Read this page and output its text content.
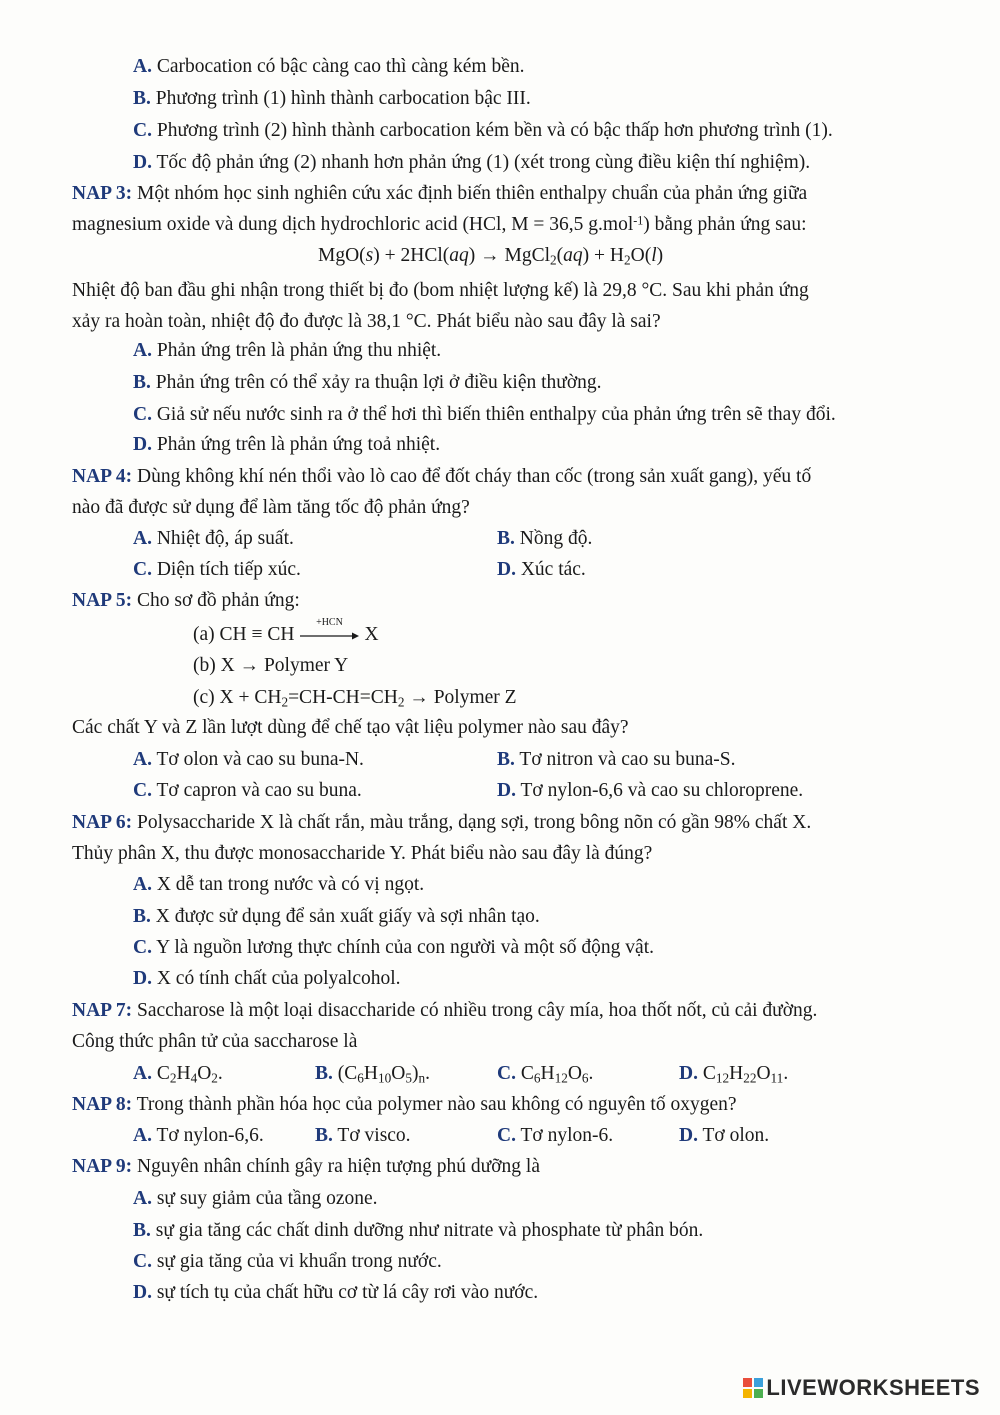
A. Carbocation có bậc càng cao thì càng kém bền.
B. Phương trình (1) hình thành carbocation bậc III.
C. Phương trình (2) hình thành carbocation kém bền và có bậc thấp hơn phương trình (1).
D. Tốc độ phản ứng (2) nhanh hơn phản ứng (1) (xét trong cùng điều kiện thí nghiệm).
NAP 3: Một nhóm học sinh nghiên cứu xác định biến thiên enthalpy chuẩn của phản ứng giữa
magnesium oxide và dung dịch hydrochloric acid (HCl, M = 36,5 g.mol$^{-1}$) bằng phản ứng sau:
MgO(s) + 2HCl(aq) → MgCl$_2$(aq) + $H_2O(l)$
Nhiệt độ ban đầu ghi nhận trong thiết bị đo (bom nhiệt lượng kế) là 29,8 °C. Sau khi phản ứng
xảy ra hoàn toàn, nhiệt độ đo được là 38,1 °C. Phát biểu nào sau đây là sai?
A. Phản ứng trên là phản ứng thu nhiệt.
B. Phản ứng trên có thể xảy ra thuận lợi ở điều kiện thường.
C. Giả sử nếu nước sinh ra ở thể hơi thì biến thiên enthalpy của phản ứng trên sẽ thay đổi.
D. Phản ứng trên là phản ứng toả nhiệt.
NAP 4: Dùng không khí nén thổi vào lò cao để đốt cháy than cốc (trong sản xuất gang), yếu tố
nào đã được sử dụng để làm tăng tốc độ phản ứng?
A. Nhiệt độ, áp suất.	B. Nồng độ.
C. Diện tích tiếp xúc.	D. Xúc tác.
NAP 5: Cho sơ đồ phản ứng:
(a) CH ≡ CH
+HCN
X
(b) X → Polymer Y
(c) $X + CH_2=CH-CH=CH_2$ → Polymer Z
Các chất Y và Z lần lượt dùng để chế tạo vật liệu polymer nào sau đây?
A. Tơ olon và cao su buna-N.	B. Tơ nitron và cao su buna-S.
C. Tơ capron và cao su buna.	D. Tơ nylon-6,6 và cao su chloroprene.
NAP 6: Polysaccharide X là chất rắn, màu trắng, dạng sợi, trong bông nõn có gần 98% chất X.
Thủy phân X, thu được monosaccharide Y. Phát biểu nào sau đây là đúng?
A. X dễ tan trong nước và có vị ngọt.
B. X được sử dụng để sản xuất giấy và sợi nhân tạo.
C. Y là nguồn lương thực chính của con người và một số động vật.
D. X có tính chất của polyalcohol.
NAP 7: Saccharose là một loại disaccharide có nhiều trong cây mía, hoa thốt nốt, củ cải đường.
Công thức phân tử của saccharose là
A. $C_2H_4O_2$.	B. $(C_6H_{10}O_5)_n$.	C. $C_6H_{12}O_6$.	D. $C_{12}H_{22}O_{11}$.
NAP 8: Trong thành phần hóa học của polymer nào sau không có nguyên tố oxygen?
A. Tơ nylon-6,6.	B. Tơ visco.	C. Tơ nylon-6.	D. Tơ olon.
NAP 9: Nguyên nhân chính gây ra hiện tượng phú dưỡng là
A. sự suy giảm của tầng ozone.
B. sự gia tăng các chất dinh dưỡng như nitrate và phosphate từ phân bón.
C. sự gia tăng của vi khuẩn trong nước.
D. sự tích tụ của chất hữu cơ từ lá cây rơi vào nước.
LIVEWORKSHEETS
